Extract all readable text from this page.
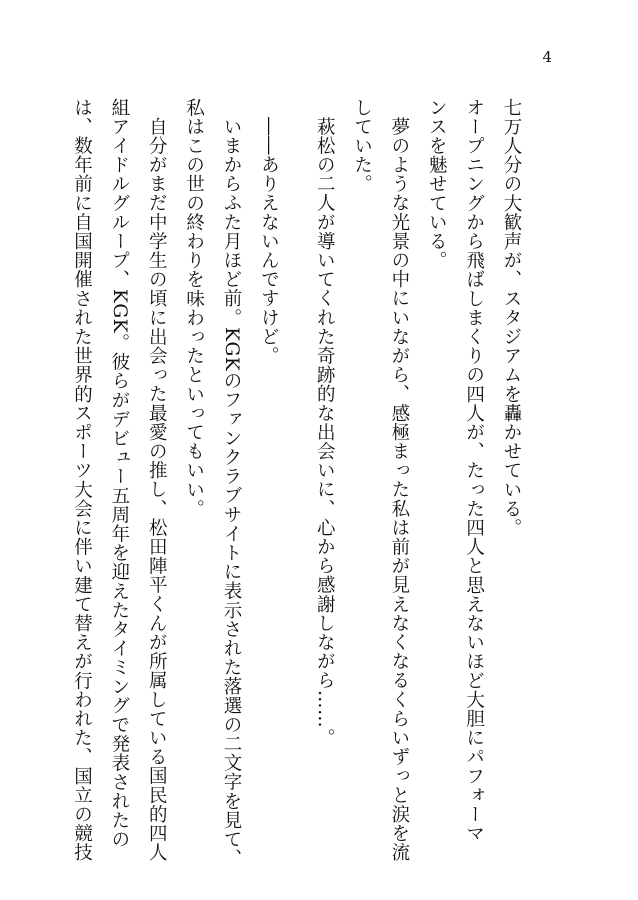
4

七万人分の大歓声が、スタジアムを轟かせている。

オープニングから飛ばしまくりの四人が、たった四人と思えないほど大胆にパフォーマ

ンスを魅せている。

夢のような光景の中にいながら、感極まった私は前が見えなくなるくらいずっと涙を流

していた。

萩松の二人が導いてくれた奇跡的な出会いに、心から感謝しながら……。

――ありえないんですけど。

いまからふた月ほど前。KGKのファンクラブサイトに表示された落選の二文字を見て、

私はこの世の終わりを味わったといってもいい。

自分がまだ中学生の頃に出会った最愛の推し、松田陣平くんが所属している国民的四人

組アイドルグループ、KGK。彼らがデビュー五周年を迎えたタイミングで発表されたの

は、数年前に自国開催された世界的スポーツ大会に伴い建て替えが行われた、国立の競技
